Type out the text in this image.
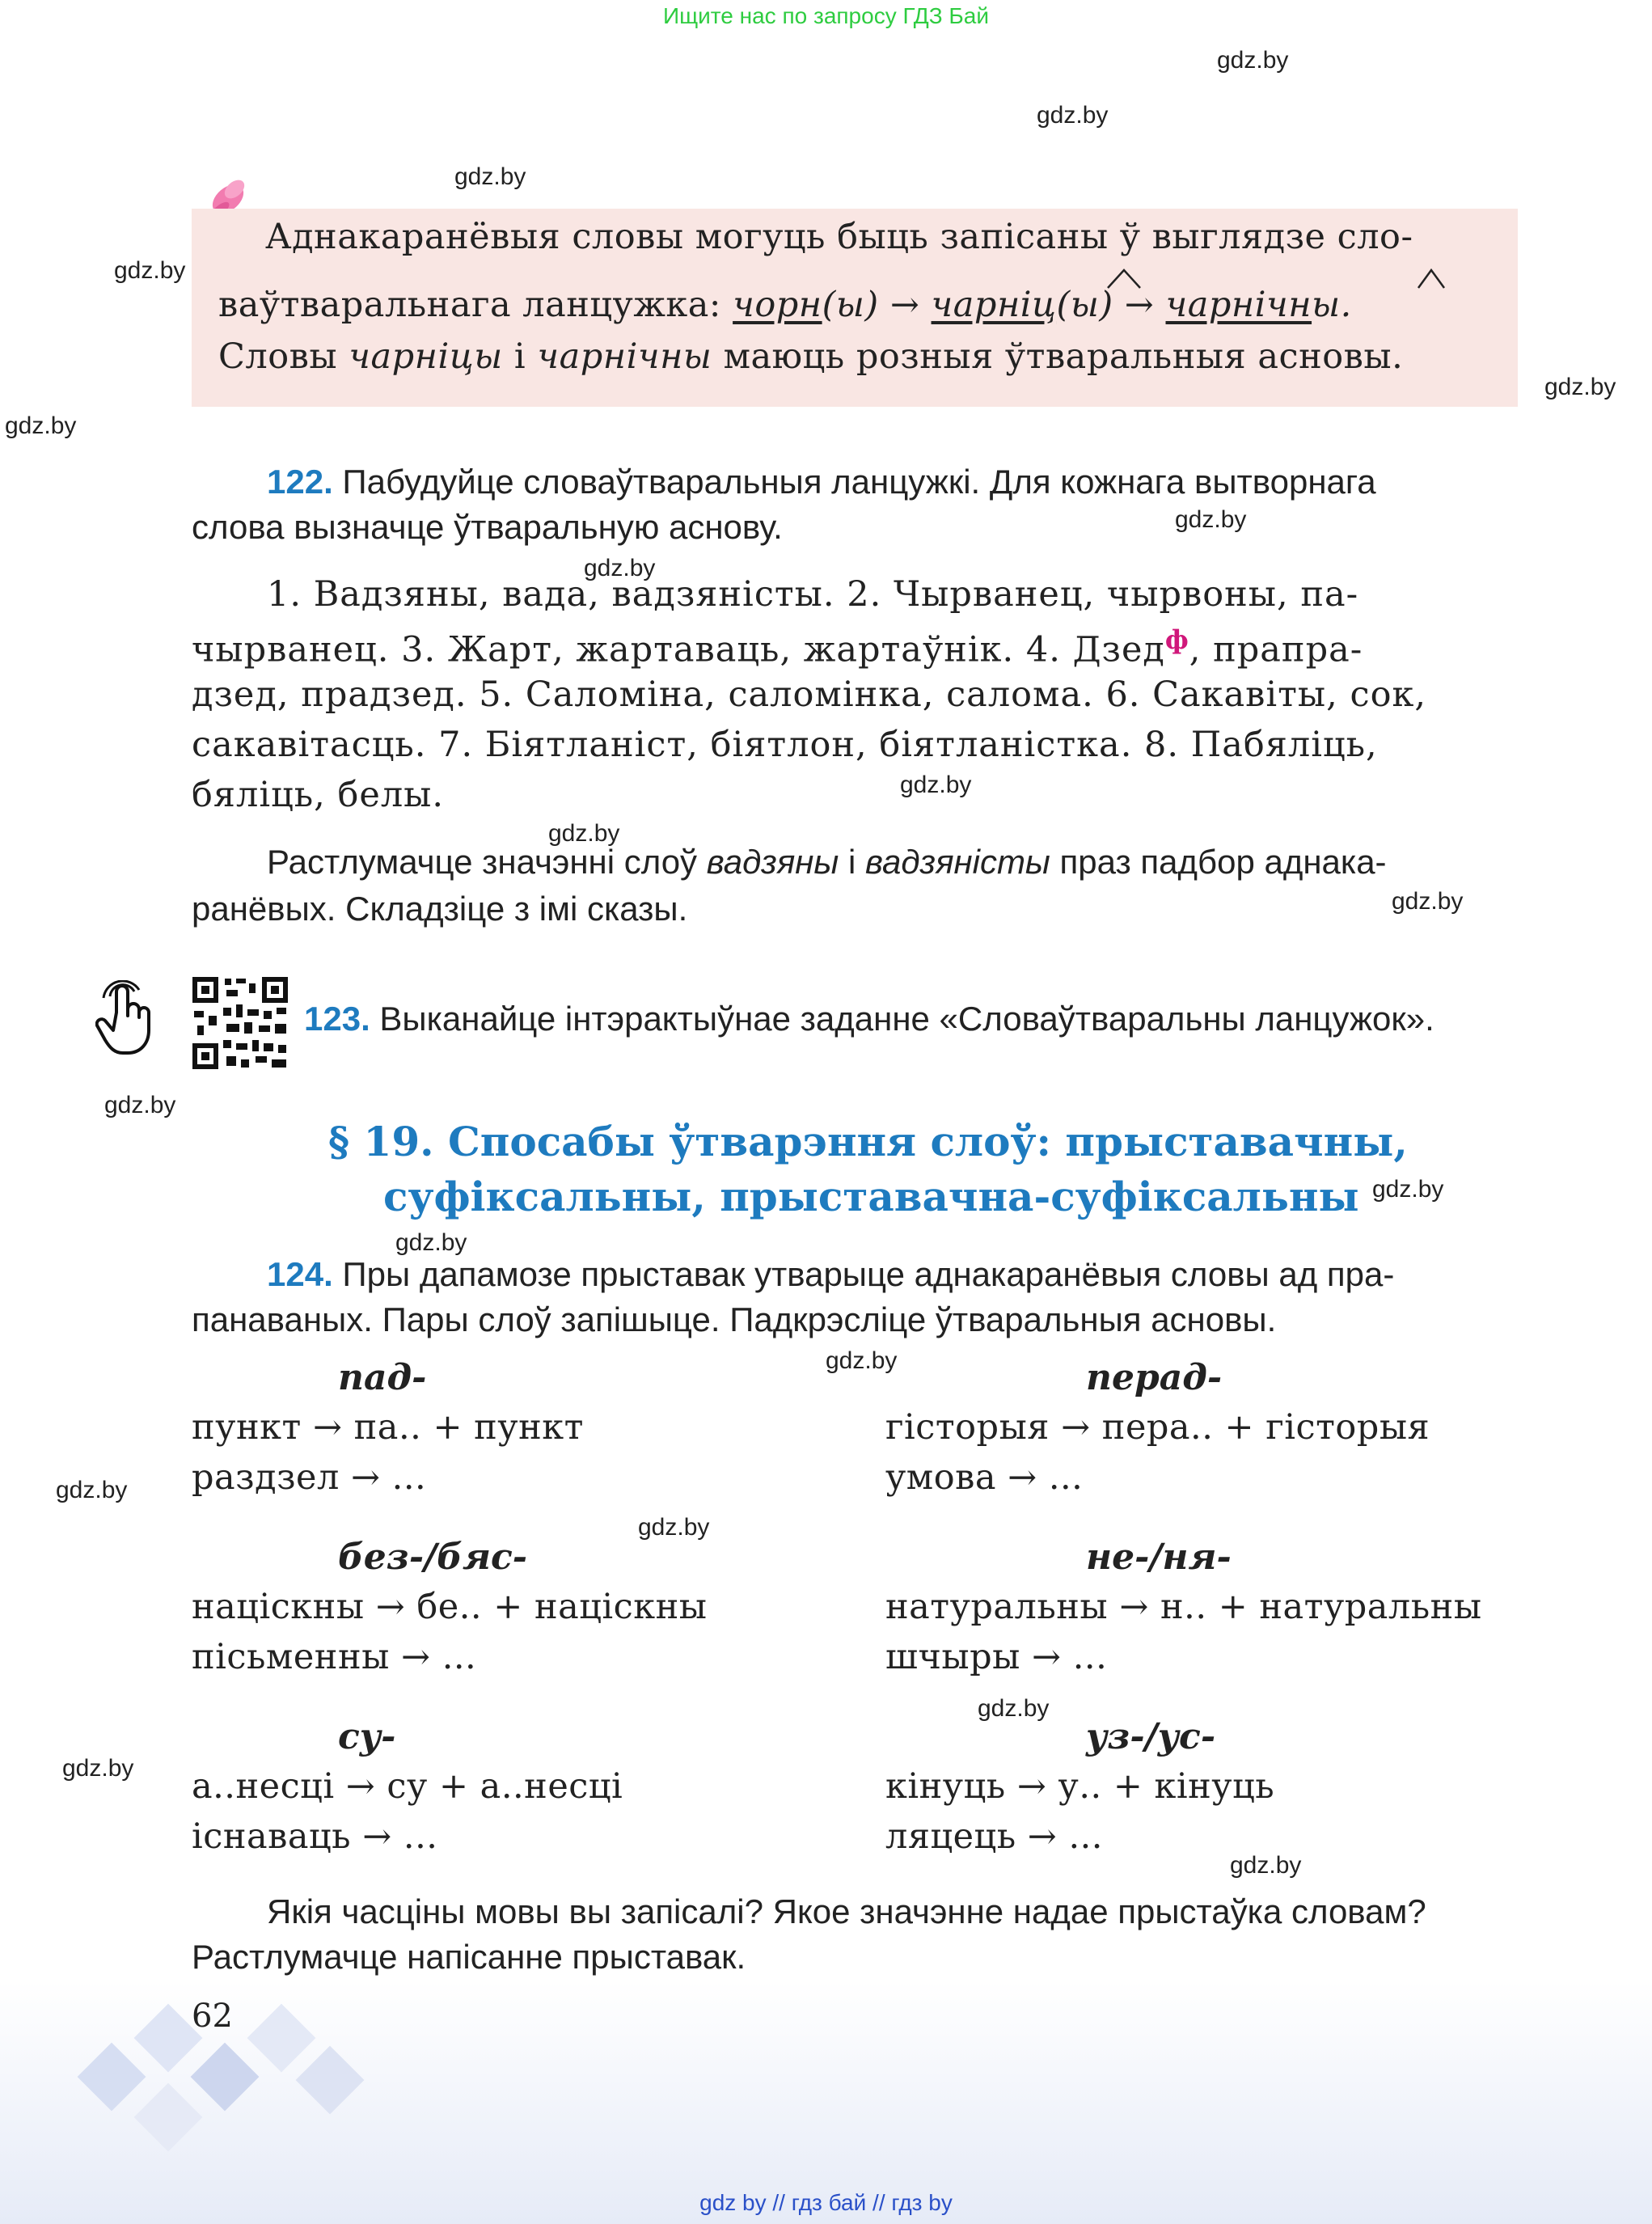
Ищите нас по запросу ГДЗ Бай
gdz.by
gdz.by
gdz.by
gdz.by
gdz.by
gdz.by
gdz.by
gdz.by
gdz.by
gdz.by
gdz.by
gdz.by
gdz.by
gdz.by
gdz.by
gdz.by
gdz.by
gdz.by
gdz.by
gdz.by
Аднакаранёвыя словы могуць быць запісаны ў выглядзе сло-
ваўтваральнага ланцужка: чорн(ы) → чарніц(ы) → чарнічны.
Словы чарніцы і чарнічны маюць розныя ўтваральныя асновы.
122. Пабудуйце словаўтваральныя ланцужкі. Для кожнага вытворнага
слова вызначце ўтваральную аснову.
1. Вадзяны, вада, вадзяністы. 2. Чырванец, чырвоны, па-
чырванец. 3. Жарт, жартаваць, жартаўнік. 4. Дзед$^ф$, прапра-
дзед, прадзед. 5. Саломіна, саломінка, салома. 6. Сакавіты, сок,
сакавітасць. 7. Біятланіст, біятлон, біятланістка. 8. Пабяліць,
бяліць, белы.
Растлумачце значэнні слоў вадзяны і вадзяністы праз падбор аднака-
ранёвых. Складзіце з імі сказы.
123. Выканайце інтэрактыўнае заданне «Словаўтваральны ланцужок».
§ 19. Спосабы ўтварэння слоў: прыставачны,
суфіксальны, прыставачна-суфіксальны
124. Пры дапамозе прыставак утварыце аднакаранёвыя словы ад пра-
панаваных. Пары слоў запішыце. Падкрэсліце ўтваральныя асновы.
пад-
пункт → па.. + пункт
раздзел → ...
перад-
гісторыя → пера.. + гісторыя
умова → ...
без-/бяс-
нацiскны → бе.. + націскны
пісьменны → ...
не-/ня-
натуральны → н.. + натуральны
шчыры → ...
су-
а..несці → су + а..несці
існаваць → ...
уз-/ус-
кінуць → у.. + кінуць
ляцець → ...
Якія часціны мовы вы запісалі? Якое значэнне надае прыстаўка словам?
Растлумачце напісанне прыставак.
62
gdz by // гдз бай // гдз by
